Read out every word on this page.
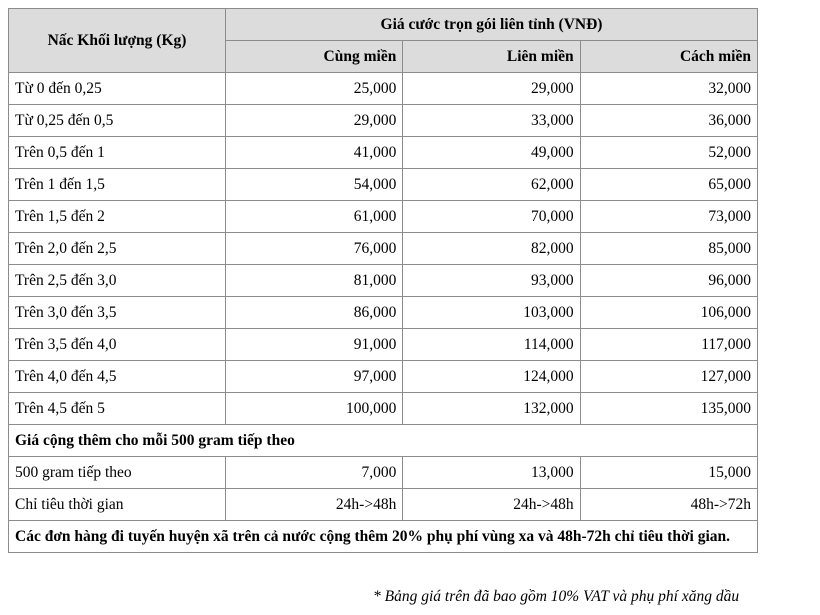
Nấc Khối lượng (Kg)	Giá cước trọn gói liên tỉnh (VNĐ)		
	Cùng miền	Liên miền	Cách miền
Từ 0 đến 0,25	25,000	29,000	32,000
Từ 0,25 đến 0,5	29,000	33,000	36,000
Trên 0,5 đến 1	41,000	49,000	52,000
Trên 1 đến 1,5	54,000	62,000	65,000
Trên 1,5 đến 2	61,000	70,000	73,000
Trên 2,0 đến 2,5	76,000	82,000	85,000
Trên 2,5 đến 3,0	81,000	93,000	96,000
Trên 3,0 đến 3,5	86,000	103,000	106,000
Trên 3,5 đến 4,0	91,000	114,000	117,000
Trên 4,0 đến 4,5	97,000	124,000	127,000
Trên 4,5 đến 5	100,000	132,000	135,000
Giá cộng thêm cho mỗi 500 gram tiếp theo			
500 gram tiếp theo	7,000	13,000	15,000
Chỉ tiêu thời gian	24h->48h	24h->48h	48h->72h
Các đơn hàng đi tuyến huyện xã trên cả nước cộng thêm 20% phụ phí vùng xa và 48h-72h chỉ tiêu thời gian.			
* Bảng giá trên đã bao gồm 10% VAT và phụ phí xăng dầu
